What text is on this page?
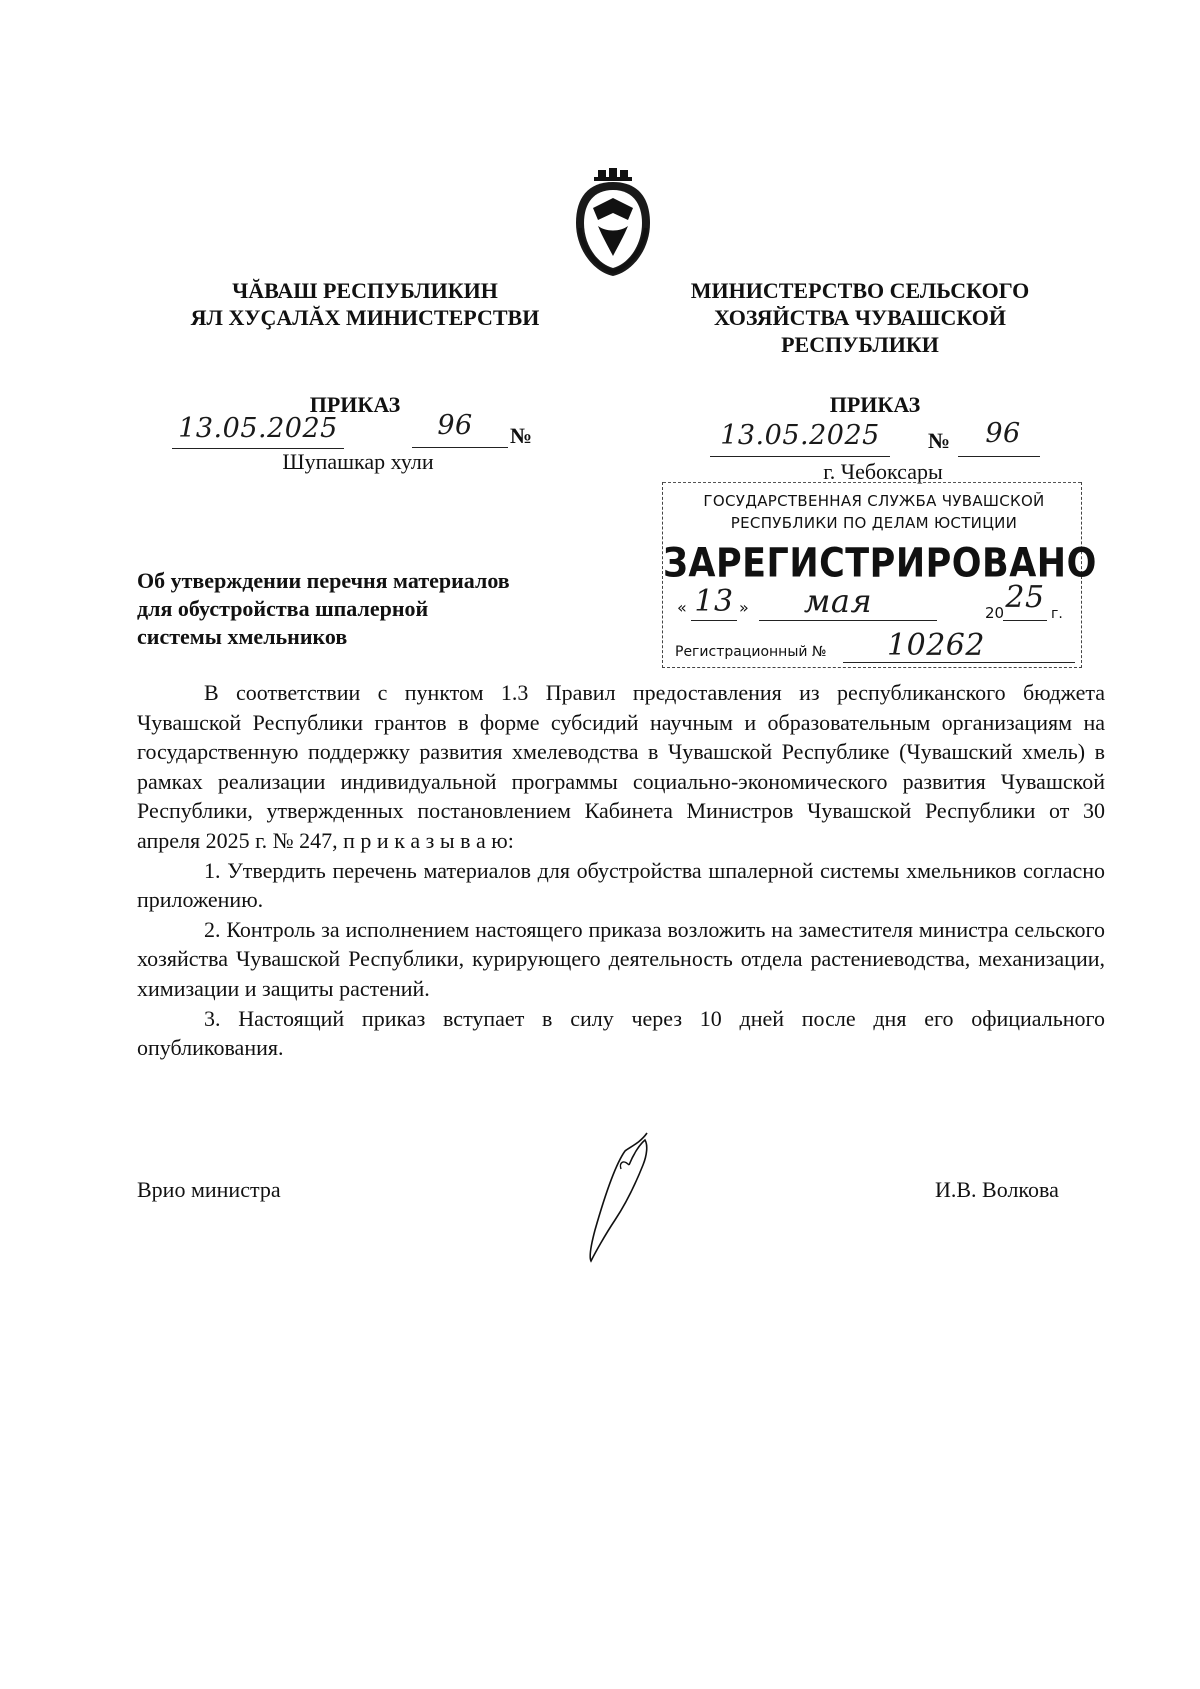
ЧĂВАШ РЕСПУБЛИКИН
ЯЛ ХУҪАЛĂХ МИНИСТЕРСТВИ
МИНИСТЕРСТВО СЕЛЬСКОГО
ХОЗЯЙСТВА ЧУВАШСКОЙ
РЕСПУБЛИКИ
ПРИКАЗ
13.05.2025	96	№
Шупашкар хули
ПРИКАЗ
13.05.2025	№	96
г. Чебоксары
ГОСУДАРСТВЕННАЯ СЛУЖБА ЧУВАШСКОЙ
РЕСПУБЛИКИ ПО ДЕЛАМ ЮСТИЦИИ
ЗАРЕГИСТРИРОВАНО
« 13 »	мая	20 25 г.
Регистрационный № 10262
Об утверждении перечня материалов
для обустройства шпалерной
системы хмельников

В соответствии с пунктом 1.3 Правил предоставления из республиканского бюджета Чувашской Республики грантов в форме субсидий научным и образовательным организациям на государственную поддержку развития хмелеводства в Чувашской Республике (Чувашский хмель) в рамках реализации индивидуальной программы социально-экономического развития Чувашской Республики, утвержденных постановлением Кабинета Министров Чувашской Республики от 30 апреля 2025 г. № 247, п р и к а з ы в а ю:

1. Утвердить перечень материалов для обустройства шпалерной системы хмельников согласно приложению.

2. Контроль за исполнением настоящего приказа возложить на заместителя министра сельского хозяйства Чувашской Республики, курирующего деятельность отдела растениеводства, механизации, химизации и защиты растений.

3. Настоящий приказ вступает в силу через 10 дней после дня его официального опубликования.

Врио министра	И.В. Волкова
